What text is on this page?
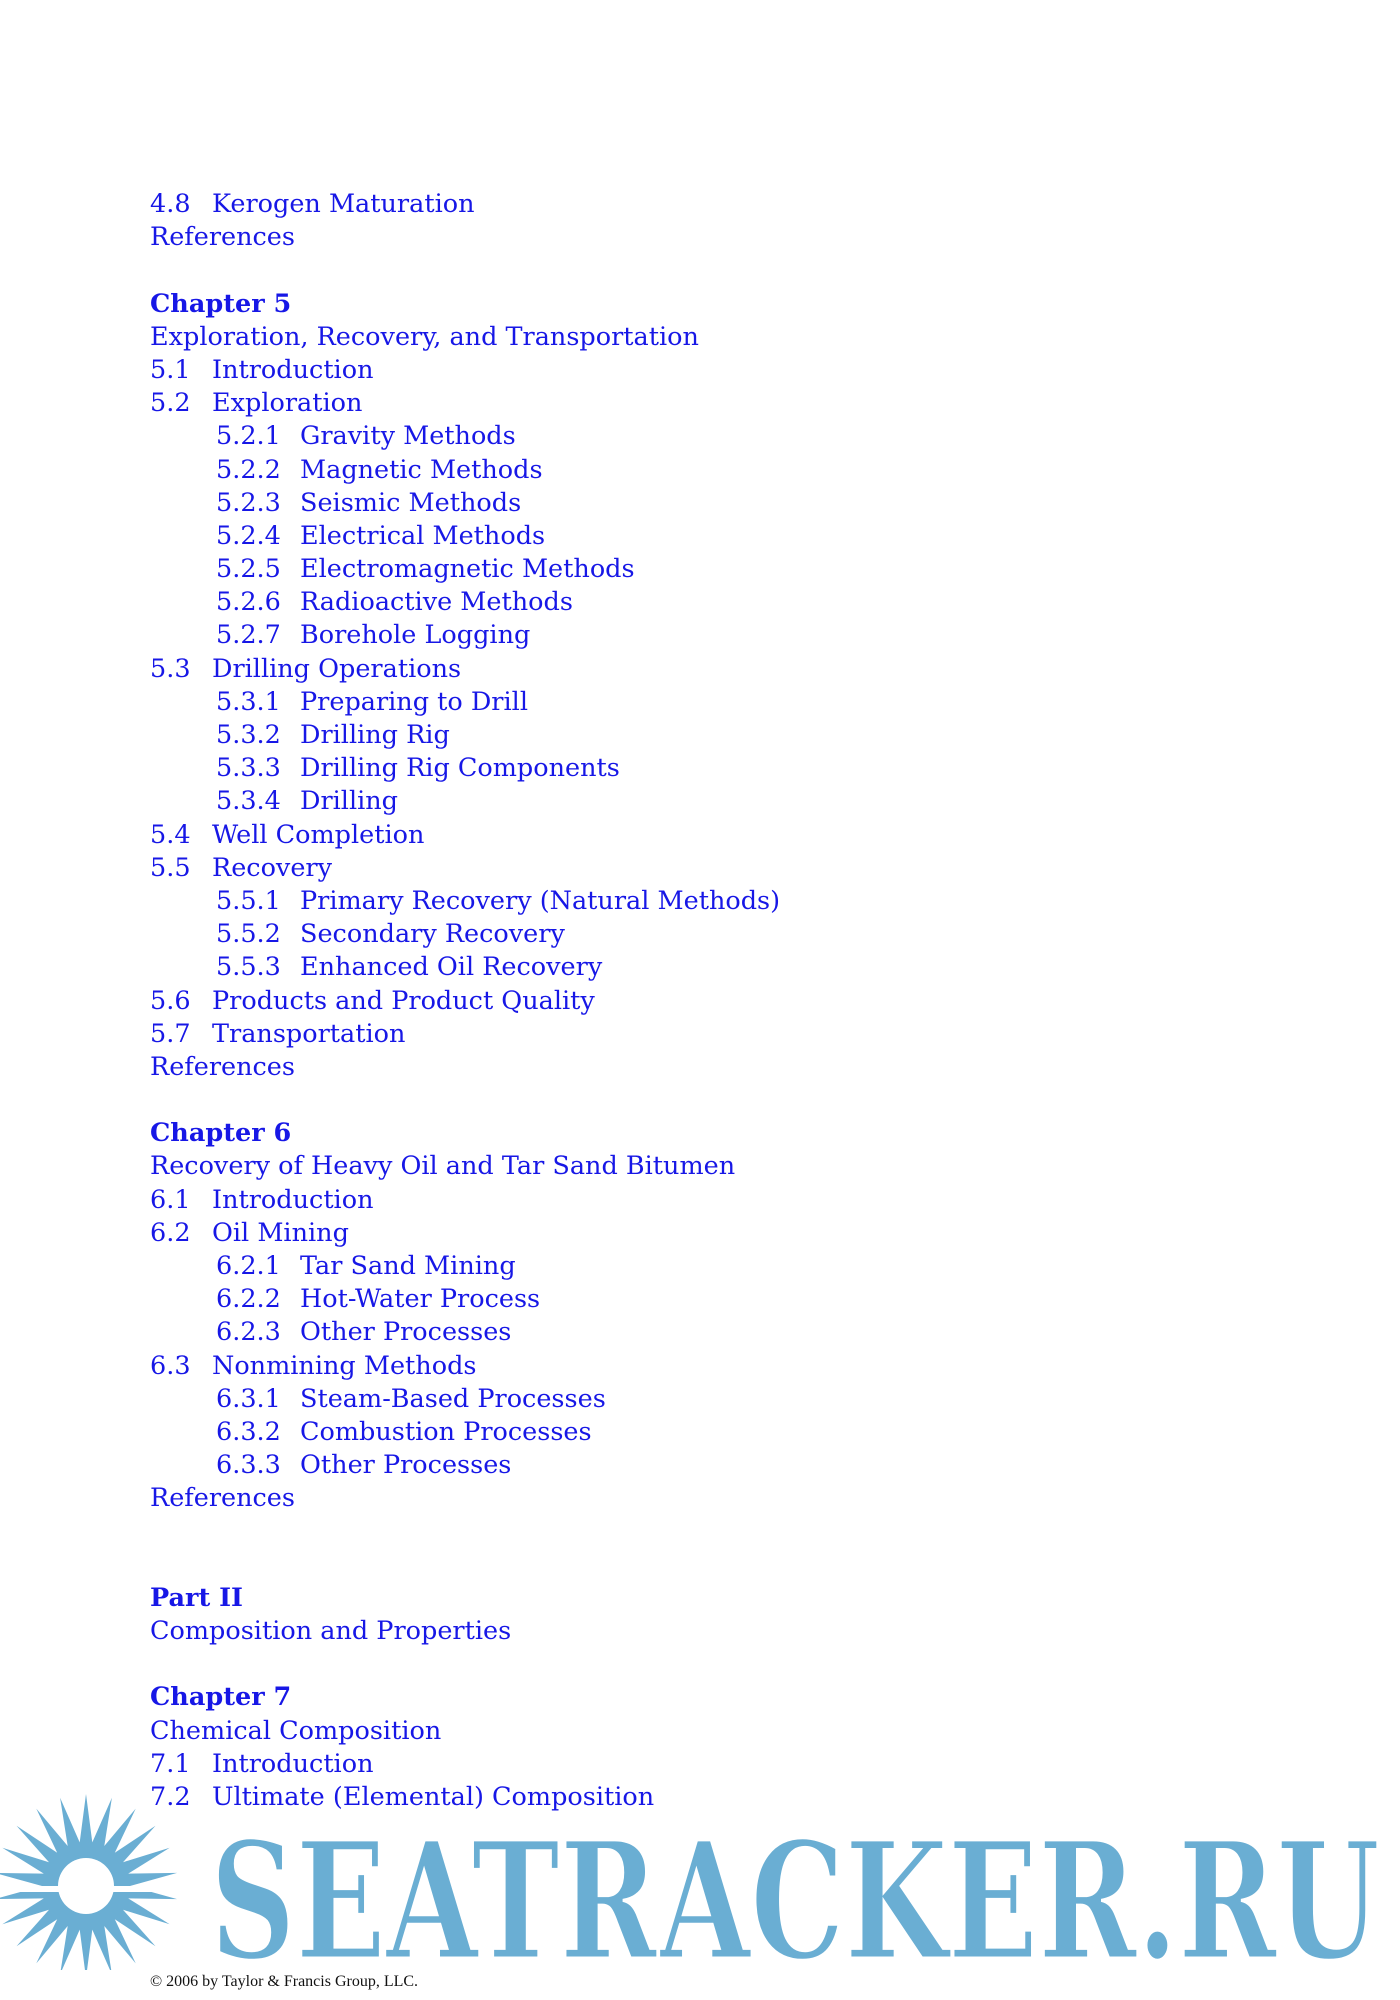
4.8 Kerogen Maturation
References
Chapter 5
Exploration, Recovery, and Transportation
5.1 Introduction
5.2 Exploration
5.2.1 Gravity Methods
5.2.2 Magnetic Methods
5.2.3 Seismic Methods
5.2.4 Electrical Methods
5.2.5 Electromagnetic Methods
5.2.6 Radioactive Methods
5.2.7 Borehole Logging
5.3 Drilling Operations
5.3.1 Preparing to Drill
5.3.2 Drilling Rig
5.3.3 Drilling Rig Components
5.3.4 Drilling
5.4 Well Completion
5.5 Recovery
5.5.1 Primary Recovery (Natural Methods)
5.5.2 Secondary Recovery
5.5.3 Enhanced Oil Recovery
5.6 Products and Product Quality
5.7 Transportation
References
Chapter 6
Recovery of Heavy Oil and Tar Sand Bitumen
6.1 Introduction
6.2 Oil Mining
6.2.1 Tar Sand Mining
6.2.2 Hot-Water Process
6.2.3 Other Processes
6.3 Nonmining Methods
6.3.1 Steam-Based Processes
6.3.2 Combustion Processes
6.3.3 Other Processes
References
Part II
Composition and Properties
Chapter 7
Chemical Composition
7.1 Introduction
7.2 Ultimate (Elemental) Composition
SEATRACKER.RU
© 2006 by Taylor & Francis Group, LLC.
